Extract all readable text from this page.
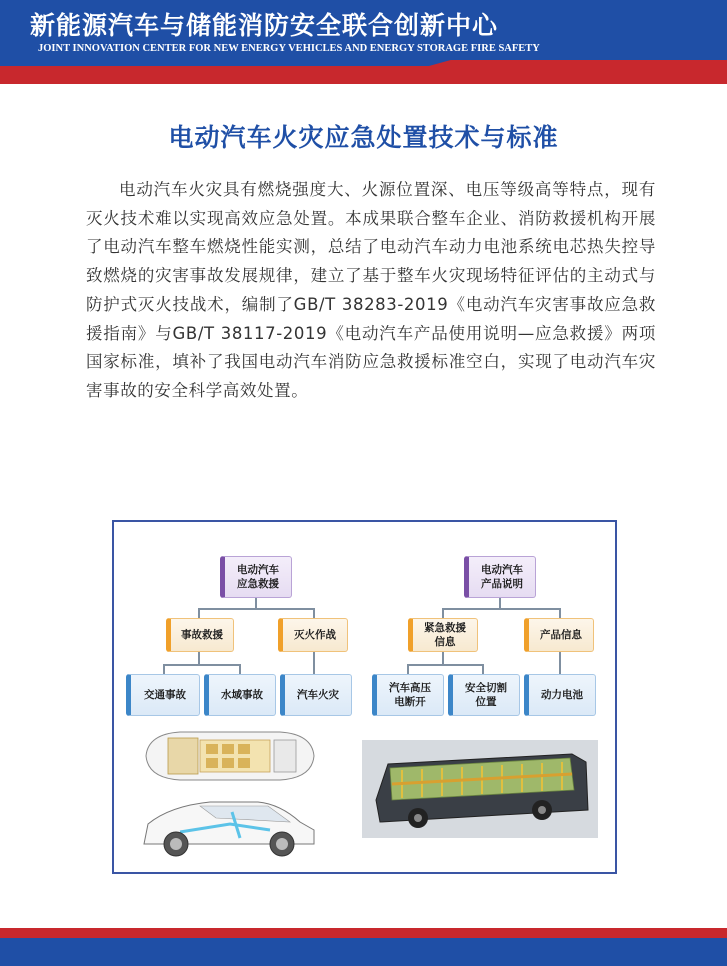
新能源汽车与储能消防安全联合创新中心
JOINT INNOVATION CENTER FOR NEW ENERGY VEHICLES AND ENERGY STORAGE FIRE SAFETY
电动汽车火灾应急处置技术与标准

电动汽车火灾具有燃烧强度大、火源位置深、电压等级高等特点，现有灭火技术难以实现高效应急处置。本成果联合整车企业、消防救援机构开展了电动汽车整车燃烧性能实测，总结了电动汽车动力电池系统电芯热失控导致燃烧的灾害事故发展规律，建立了基于整车火灾现场特征评估的主动式与防护式灭火技战术，编制了GB/T 38283-2019《电动汽车灾害事故应急救援指南》与GB/T 38117-2019《电动汽车产品使用说明—应急救援》两项国家标准，填补了我国电动汽车消防应急救援标准空白，实现了电动汽车灾害事故的安全科学高效处置。

电动汽车
应急救援
事故救援	灭火作战
交通事故	水域事故	汽车火灾
电动汽车
产品说明
紧急救援
信息
产品信息
汽车高压
电断开
安全切割
位置
动力电池
